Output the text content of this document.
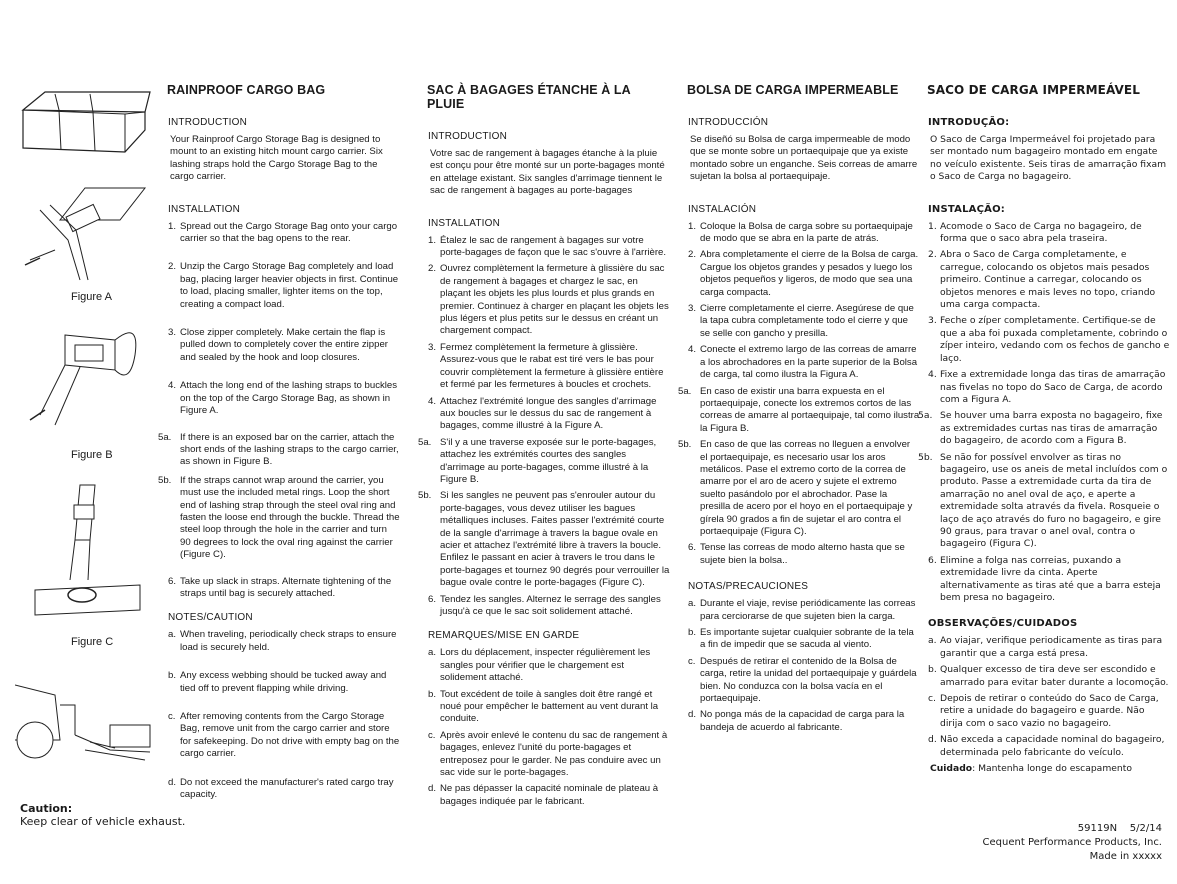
Figure A
Figure B
Figure C
RAINPROOF CARGO BAG
INTRODUCTION
Your Rainproof Cargo Storage Bag is designed to mount to an existing hitch mount cargo carrier. Six lashing straps hold the Cargo Storage Bag to the cargo carrier.
INSTALLATION
1. Spread out the Cargo Storage Bag onto your cargo carrier so that the bag opens to the rear.
2. Unzip the Cargo Storage Bag completely and load bag, placing larger heavier objects in first. Continue to load, placing smaller, lighter items on the top, creating a compact load.
3. Close zipper completely. Make certain the flap is pulled down to completely cover the entire zipper and sealed by the hook and loop closures.
4. Attach the long end of the lashing straps to buckles on the top of the Cargo Storage Bag, as shown in Figure A.
5a. If there is an exposed bar on the carrier, attach the short ends of the lashing straps to the cargo carrier, as shown in Figure B.
5b. If the straps cannot wrap around the carrier, you must use the included metal rings. Loop the short end of lashing strap through the steel oval ring and fasten the loose end through the buckle. Thread the steel loop through the hole in the carrier and turn 90 degrees to lock the oval ring against the carrier (Figure C).
6. Take up slack in straps. Alternate tightening of the straps until bag is securely attached.
NOTES/CAUTION
a. When traveling, periodically check straps to ensure load is securely held.
b. Any excess webbing should be tucked away and tied off to prevent flapping while driving.
c. After removing contents from the Cargo Storage Bag, remove unit from the cargo carrier and store for safekeeping. Do not drive with empty bag on the cargo carrier.
d. Do not exceed the manufacturer's rated cargo tray capacity.
SAC À BAGAGES ÉTANCHE À LA PLUIE
INTRODUCTION
Votre sac de rangement à bagages étanche à la pluie est conçu pour être monté sur un porte-bagages monté en attelage existant. Six sangles d'arrimage tiennent le sac de rangement à bagages au porte-bagages
INSTALLATION
1. Étalez le sac de rangement à bagages sur votre porte-bagages de façon que le sac s'ouvre à l'arrière.
2. Ouvrez complètement la fermeture à glissière du sac de rangement à bagages et chargez le sac, en plaçant les objets les plus lourds et plus grands en premier. Continuez à charger en plaçant les objets les plus légers et plus petits sur le dessus en créant un chargement compact.
3. Fermez complètement la fermeture à glissière. Assurez-vous que le rabat est tiré vers le bas pour couvrir complètement la fermeture à glissière entière et fermé par les fermetures à boucles et crochets.
4. Attachez l'extrémité longue des sangles d'arrimage aux boucles sur le dessus du sac de rangement à bagages, comme illustré à la Figure A.
5a. S'il y a une traverse exposée sur le porte-bagages, attachez les extrémités courtes des sangles d'arrimage au porte-bagages, comme illustré à la Figure B.
5b. Si les sangles ne peuvent pas s'enrouler autour du porte-bagages, vous devez utiliser les bagues métalliques incluses. Faites passer l'extrémité courte de la sangle d'arrimage à travers la bague ovale en acier et attachez l'extrémité libre à travers la boucle. Enfilez le passant en acier à travers le trou dans le porte-bagages et tournez 90 degrés pour verrouiller la bague ovale contre le porte-bagages (Figure C).
6. Tendez les sangles. Alternez le serrage des sangles jusqu'à ce que le sac soit solidement attaché.
REMARQUES/MISE EN GARDE
a. Lors du déplacement, inspecter régulièrement les sangles pour vérifier que le chargement est solidement attaché.
b. Tout excédent de toile à sangles doit être rangé et noué pour empêcher le battement au vent durant la conduite.
c. Après avoir enlevé le contenu du sac de rangement à bagages, enlevez l'unité du porte-bagages et entreposez pour le garder. Ne pas conduire avec un sac vide sur le porte-bagages.
d. Ne pas dépasser la capacité nominale de plateau à bagages indiquée par le fabricant.
BOLSA DE CARGA IMPERMEABLE
INTRODUCCIÓN
Se diseñó su Bolsa de carga impermeable de modo que se monte sobre un portaequipaje que ya existe montado sobre un enganche. Seis correas de amarre sujetan la bolsa al portaequipaje.
INSTALACIÓN
1. Coloque la Bolsa de carga sobre su portaequipaje de modo que se abra en la parte de atrás.
2. Abra completamente el cierre de la Bolsa de carga. Cargue los objetos grandes y pesados y luego los objetos pequeños y ligeros, de modo que sea una carga compacta.
3. Cierre completamente el cierre. Asegúrese de que la tapa cubra completamente todo el cierre y que se selle con gancho y presilla.
4. Conecte el extremo largo de las correas de amarre a los abrochadores en la parte superior de la Bolsa de carga, tal como ilustra la Figura A.
5a. En caso de existir una barra expuesta en el portaequipaje, conecte los extremos cortos de las correas de amarre al portaequipaje, tal como ilustra la Figura B.
5b. En caso de que las correas no lleguen a envolver el portaequipaje, es necesario usar los aros metálicos. Pase el extremo corto de la correa de amarre por el aro de acero y sujete el extremo suelto pasándolo por el abrochador. Pase la presilla de acero por el hoyo en el portaequipaje y gírela 90 grados a fin de sujetar el aro contra el portaequipaje (Figura C).
6. Tense las correas de modo alterno hasta que se sujete bien la bolsa..
NOTAS/PRECAUCIONES
a. Durante el viaje, revise periódicamente las correas para cerciorarse de que sujeten bien la carga.
b. Es importante sujetar cualquier sobrante de la tela a fin de impedir que se sacuda al viento.
c. Después de retirar el contenido de la Bolsa de carga, retire la unidad del portaequipaje y guárdela bien. No conduzca con la bolsa vacía en el portaequipaje.
d. No ponga más de la capacidad de carga para la bandeja de acuerdo al fabricante.
SACO DE CARGA IMPERMEÁVEL
INTRODUÇÃO:
O Saco de Carga Impermeável foi projetado para ser montado num bagageiro montado em engate no veículo existente. Seis tiras de amarração fixam o Saco de Carga no bagageiro.
INSTALAÇÃO:
1. Acomode o Saco de Carga no bagageiro, de forma que o saco abra pela traseira.
2. Abra o Saco de Carga completamente, e carregue, colocando os objetos mais pesados primeiro. Continue a carregar, colocando os objetos menores e mais leves no topo, criando uma carga compacta.
3. Feche o zíper completamente. Certifique-se de que a aba foi puxada completamente, cobrindo o zíper inteiro, vedando com os fechos de gancho e laço.
4. Fixe a extremidade longa das tiras de amarração nas fivelas no topo do Saco de Carga, de acordo com a Figura A.
5a. Se houver uma barra exposta no bagageiro, fixe as extremidades curtas nas tiras de amarração do bagageiro, de acordo com a Figura B.
5b. Se não for possível envolver as tiras no bagageiro, use os aneis de metal incluídos com o produto. Passe a extremidade curta da tira de amarração no anel oval de aço, e aperte a extremidade solta através da fivela. Rosqueie o laço de aço através do furo no bagageiro, e gire 90 graus, para travar o anel oval, contra o bagageiro (Figura C).
6. Elimine a folga nas correias, puxando a extremidade livre da cinta. Aperte alternativamente as tiras até que a barra esteja bem presa no bagageiro.
OBSERVAÇÕES/CUIDADOS
a. Ao viajar, verifique periodicamente as tiras para garantir que a carga está presa.
b. Qualquer excesso de tira deve ser escondido e amarrado para evitar bater durante a locomoção.
c. Depois de retirar o conteúdo do Saco de Carga, retire a unidade do bagageiro e guarde. Não dirija com o saco vazio no bagageiro.
d. Não exceda a capacidade nominal do bagageiro, determinada pelo fabricante do veículo.
Cuidado: Mantenha longe do escapamento
Caution:
Keep clear of vehicle exhaust.
59119N    5/2/14
Cequent Performance Products, Inc.
Made in xxxxx
